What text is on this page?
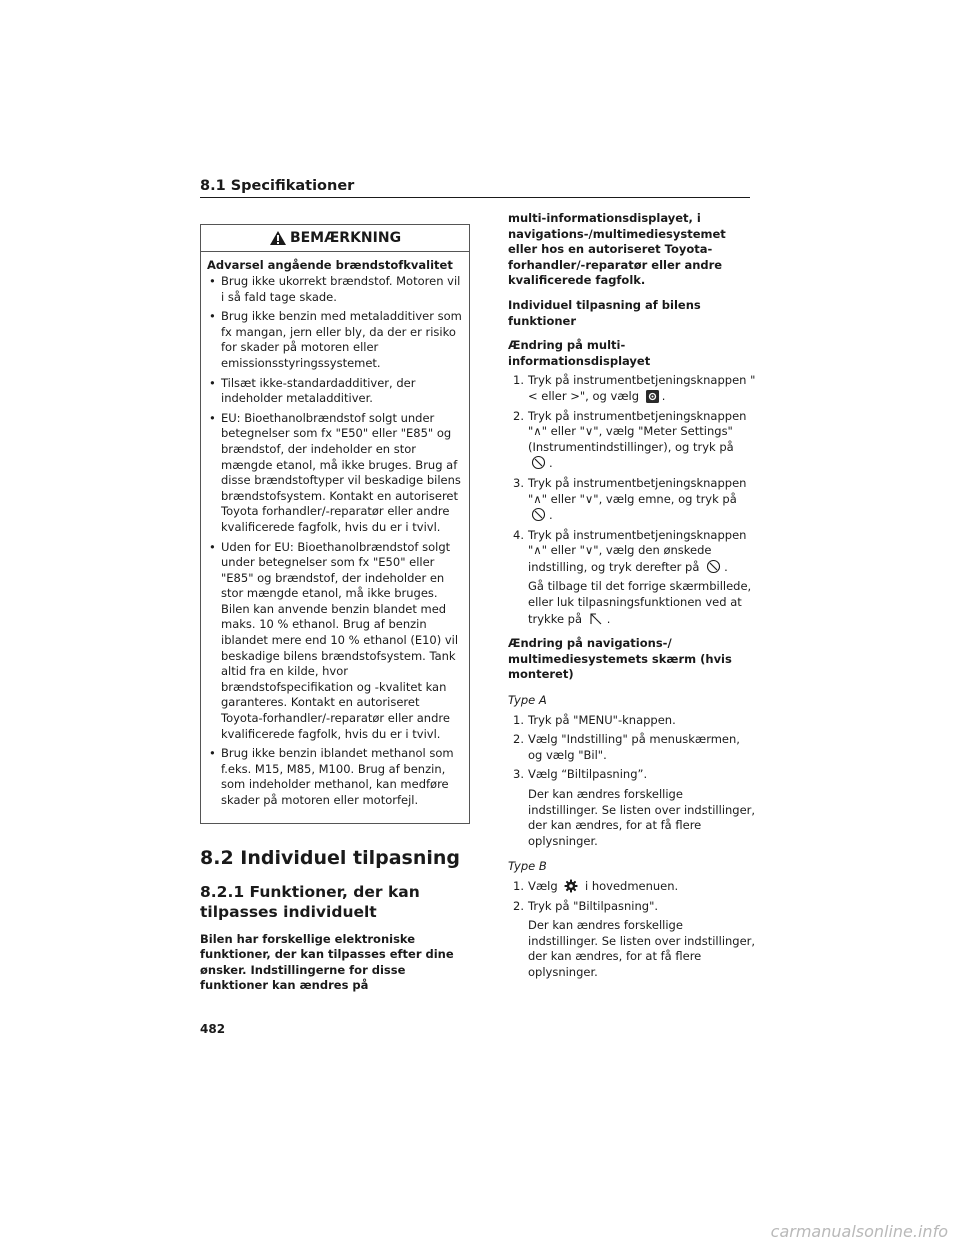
8.1 Specifikationer
BEMÆRKNING
Advarsel angående brændstofkvalitet
• Brug ikke ukorrekt brændstof. Motoren vil i så fald tage skade.
• Brug ikke benzin med metaladditiver som fx mangan, jern eller bly, da der er risiko for skader på motoren eller emissionsstyringssystemet.
• Tilsæt ikke-standardadditiver, der indeholder metaladditiver.
• EU: Bioethanolbrændstof solgt under betegnelser som fx "E50" eller "E85" og brændstof, der indeholder en stor mængde etanol, må ikke bruges. Brug af disse brændstoftyper vil beskadige bilens brændstofsystem. Kontakt en autoriseret Toyota forhandler/-reparatør eller andre kvalificerede fagfolk, hvis du er i tvivl.
• Uden for EU: Bioethanolbrændstof solgt under betegnelser som fx "E50" eller "E85" og brændstof, der indeholder en stor mængde etanol, må ikke bruges. Bilen kan anvende benzin blandet med maks. 10 % ethanol. Brug af benzin iblandet mere end 10 % ethanol (E10) vil beskadige bilens brændstofsystem. Tank altid fra en kilde, hvor brændstofspecifikation og -kvalitet kan garanteres. Kontakt en autoriseret Toyota-forhandler/-reparatør eller andre kvalificerede fagfolk, hvis du er i tvivl.
• Brug ikke benzin iblandet methanol som f.eks. M15, M85, M100. Brug af benzin, som indeholder methanol, kan medføre skader på motoren eller motorfejl.
8.2 Individuel tilpasning
8.2.1 Funktioner, der kan tilpasses individuelt
Bilen har forskellige elektroniske funktioner, der kan tilpasses efter dine ønsker. Indstillingerne for disse funktioner kan ændres på
multi-informationsdisplayet, i navigations-/multimediesystemet eller hos en autoriseret Toyota-forhandler/-reparatør eller andre kvalificerede fagfolk.
Individuel tilpasning af bilens funktioner
Ændring på multi-informationsdisplayet
1. Tryk på instrumentbetjeningsknappen "< eller >", og vælg .
2. Tryk på instrumentbetjeningsknappen "∧" eller "∨", vælg "Meter Settings" (Instrumentindstillinger), og tryk på
.
3. Tryk på instrumentbetjeningsknappen "∧" eller "∨", vælg emne, og tryk på
.
4. Tryk på instrumentbetjeningsknappen "∧" eller "∨", vælg den ønskede indstilling, og tryk derefter på .
Gå tilbage til det forrige skærmbillede, eller luk tilpasningsfunktionen ved at trykke på .
Ændring på navigations-/ multimediesystemets skærm (hvis monteret)
Type A
1. Tryk på "MENU"-knappen.
2. Vælg "Indstilling" på menuskærmen, og vælg "Bil".
3. Vælg “Biltilpasning”.
Der kan ændres forskellige indstillinger. Se listen over indstillinger, der kan ændres, for at få flere oplysninger.
Type B
1. Vælg i hovedmenuen.
2. Tryk på "Biltilpasning".
Der kan ændres forskellige indstillinger. Se listen over indstillinger, der kan ændres, for at få flere oplysninger.
482
carmanualsonline.info
